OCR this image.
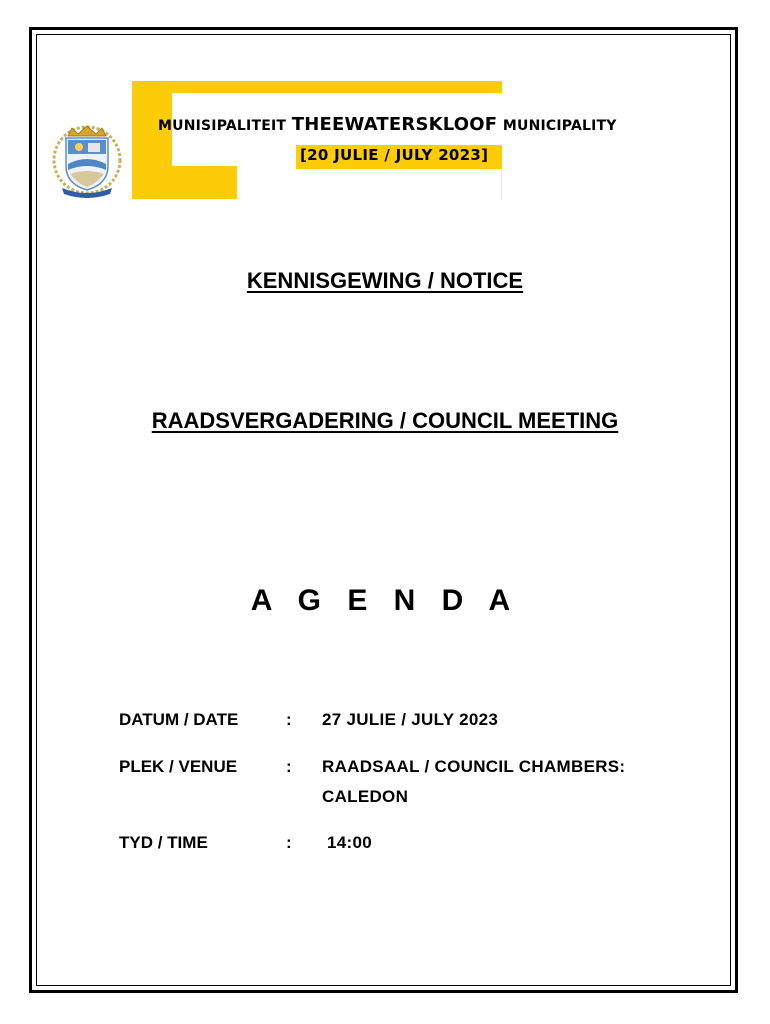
MUNISIPALITEIT THEEWATERSKLOOF MUNICIPALITY
[20 JULIE / JULY 2023]
KENNISGEWING / NOTICE
RAADSVERGADERING / COUNCIL MEETING
A G E N D A
DATUM / DATE	: 27 JULIE / JULY 2023
PLEK / VENUE	: RAADSAAL / COUNCIL CHAMBERS:
CALEDON
TYD / TIME	: 14:00
